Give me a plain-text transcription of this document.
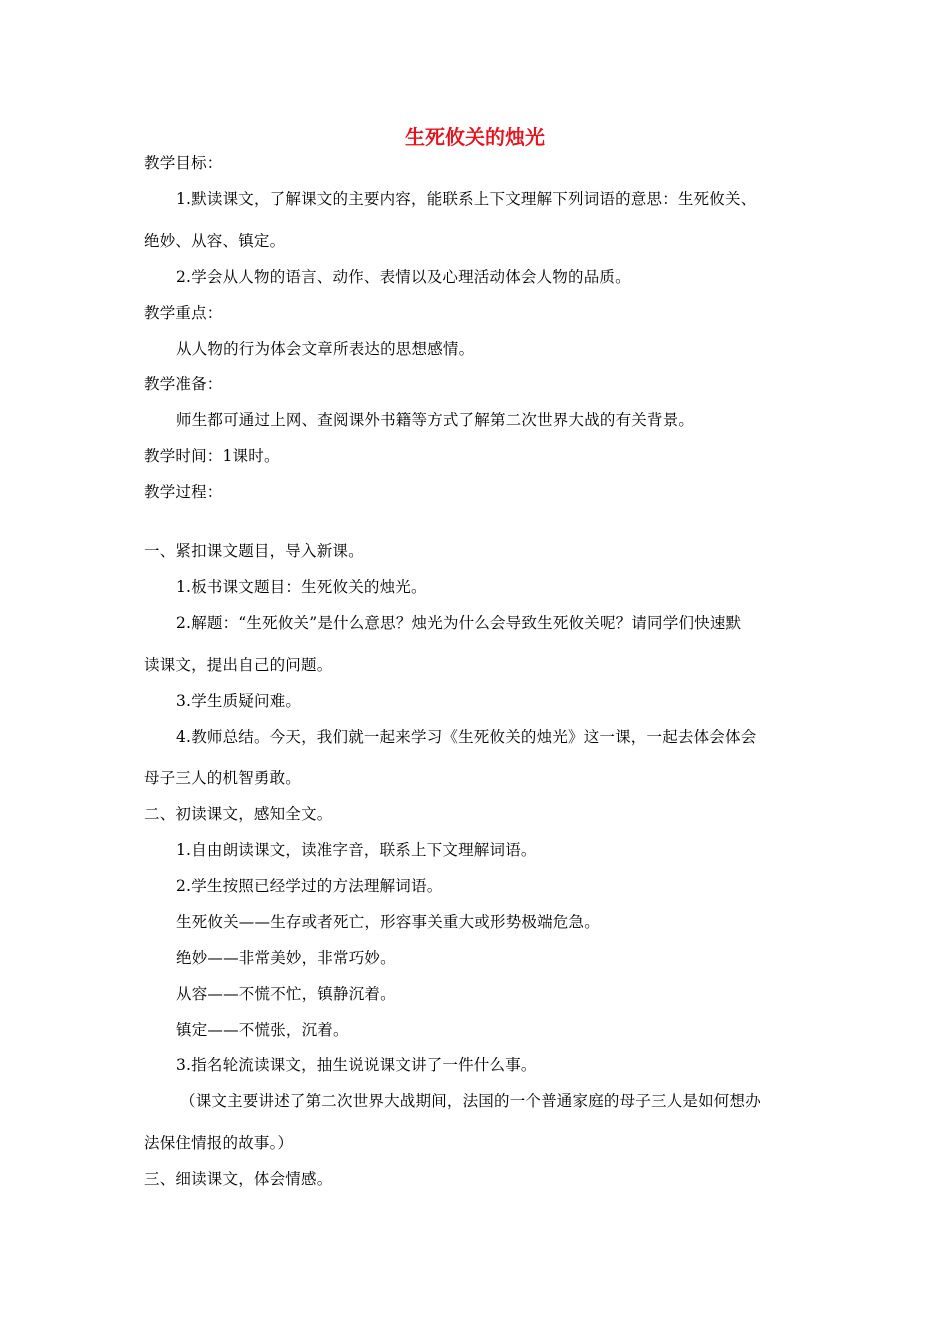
生死攸关的烛光
教学目标：
1.默读课文，了解课文的主要内容，能联系上下文理解下列词语的意思：生死攸关、
绝妙、从容、镇定。
2.学会从人物的语言、动作、表情以及心理活动体会人物的品质。
教学重点：
从人物的行为体会文章所表达的思想感情。
教学准备：
师生都可通过上网、查阅课外书籍等方式了解第二次世界大战的有关背景。
教学时间：1课时。
教学过程：
一、紧扣课文题目，导入新课。
1.板书课文题目：生死攸关的烛光。
2.解题：“生死攸关”是什么意思？烛光为什么会导致生死攸关呢？请同学们快速默
读课文，提出自己的问题。
3.学生质疑问难。
4.教师总结。今天，我们就一起来学习《生死攸关的烛光》这一课，一起去体会体会
母子三人的机智勇敢。
二、初读课文，感知全文。
1.自由朗读课文，读准字音，联系上下文理解词语。
2.学生按照已经学过的方法理解词语。
生死攸关——生存或者死亡，形容事关重大或形势极端危急。
绝妙——非常美妙，非常巧妙。
从容——不慌不忙，镇静沉着。
镇定——不慌张，沉着。
3.指名轮流读课文，抽生说说课文讲了一件什么事。
（课文主要讲述了第二次世界大战期间，法国的一个普通家庭的母子三人是如何想办
法保住情报的故事。）
三、细读课文，体会情感。
